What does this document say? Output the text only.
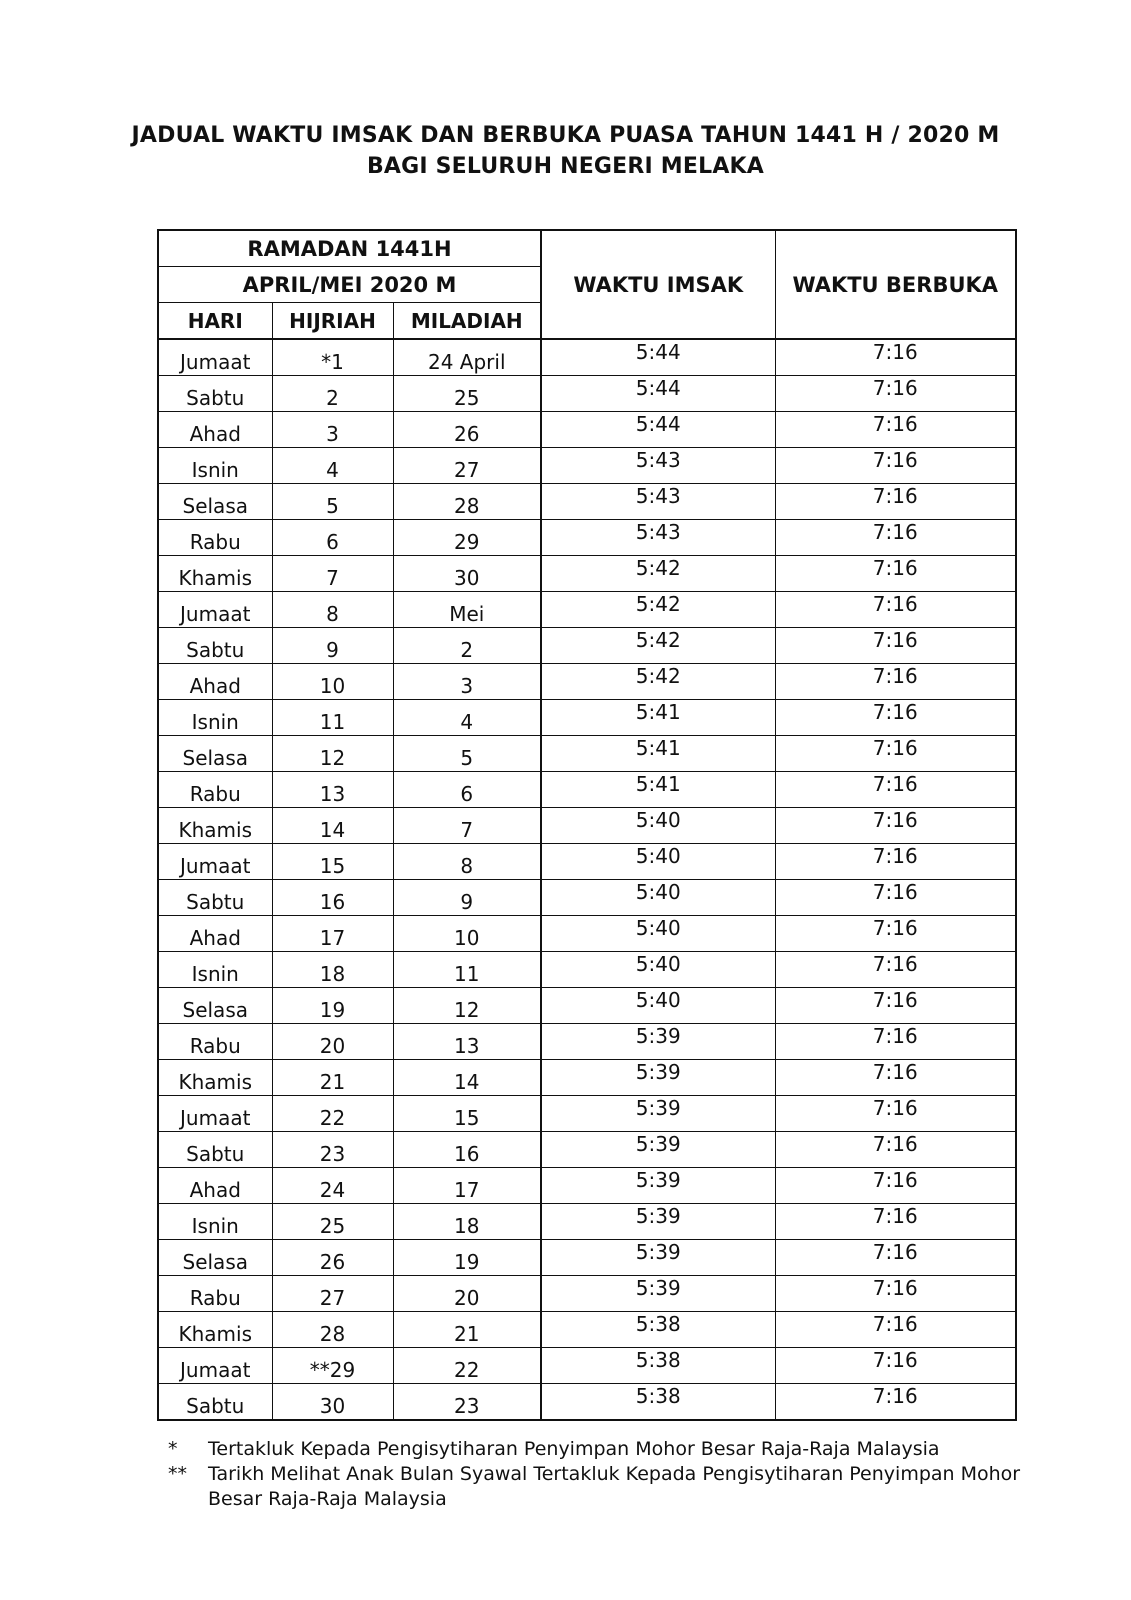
JADUAL WAKTU IMSAK DAN BERBUKA PUASA TAHUN 1441 H / 2020 M
BAGI SELURUH NEGERI MELAKA
RAMADAN 1441H			WAKTU IMSAK	WAKTU BERBUKA
APRIL/MEI 2020 M				
HARI	HIJRIAH	MILADIAH		
Jumaat	*1	24 April	5:44	7:16
Sabtu	2	25	5:44	7:16
Ahad	3	26	5:44	7:16
Isnin	4	27	5:43	7:16
Selasa	5	28	5:43	7:16
Rabu	6	29	5:43	7:16
Khamis	7	30	5:42	7:16
Jumaat	8	Mei	5:42	7:16
Sabtu	9	2	5:42	7:16
Ahad	10	3	5:42	7:16
Isnin	11	4	5:41	7:16
Selasa	12	5	5:41	7:16
Rabu	13	6	5:41	7:16
Khamis	14	7	5:40	7:16
Jumaat	15	8	5:40	7:16
Sabtu	16	9	5:40	7:16
Ahad	17	10	5:40	7:16
Isnin	18	11	5:40	7:16
Selasa	19	12	5:40	7:16
Rabu	20	13	5:39	7:16
Khamis	21	14	5:39	7:16
Jumaat	22	15	5:39	7:16
Sabtu	23	16	5:39	7:16
Ahad	24	17	5:39	7:16
Isnin	25	18	5:39	7:16
Selasa	26	19	5:39	7:16
Rabu	27	20	5:39	7:16
Khamis	28	21	5:38	7:16
Jumaat	**29	22	5:38	7:16
Sabtu	30	23	5:38	7:16
*	Tertakluk Kepada Pengisytiharan Penyimpan Mohor Besar Raja-Raja Malaysia
**	Tarikh Melihat Anak Bulan Syawal Tertakluk Kepada Pengisytiharan Penyimpan Mohor Besar Raja-Raja Malaysia
